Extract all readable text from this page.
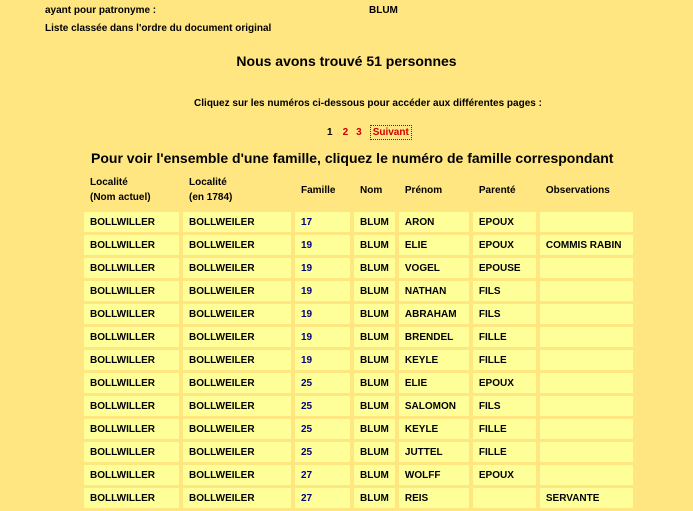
ayant pour patronyme :	BLUM
Liste classée dans l'ordre du document original
Nous avons trouvé 51 personnes
Cliquez sur les numéros ci-dessous pour accéder aux différentes pages :
1 2 3	Suivant
Pour voir l'ensemble d'une famille, cliquez le numéro de famille correspondant
Localité
(Nom actuel)	Localité
(en 1784)	Famille	Nom	Prénom	Parenté	Observations
BOLLWILLER	BOLLWEILER	17	BLUM	ARON	EPOUX	
BOLLWILLER	BOLLWEILER	19	BLUM	ELIE	EPOUX	COMMIS RABIN
BOLLWILLER	BOLLWEILER	19	BLUM	VOGEL	EPOUSE	
BOLLWILLER	BOLLWEILER	19	BLUM	NATHAN	FILS	
BOLLWILLER	BOLLWEILER	19	BLUM	ABRAHAM	FILS	
BOLLWILLER	BOLLWEILER	19	BLUM	BRENDEL	FILLE	
BOLLWILLER	BOLLWEILER	19	BLUM	KEYLE	FILLE	
BOLLWILLER	BOLLWEILER	25	BLUM	ELIE	EPOUX	
BOLLWILLER	BOLLWEILER	25	BLUM	SALOMON	FILS	
BOLLWILLER	BOLLWEILER	25	BLUM	KEYLE	FILLE	
BOLLWILLER	BOLLWEILER	25	BLUM	JUTTEL	FILLE	
BOLLWILLER	BOLLWEILER	27	BLUM	WOLFF	EPOUX	
BOLLWILLER	BOLLWEILER	27	BLUM	REIS		SERVANTE
